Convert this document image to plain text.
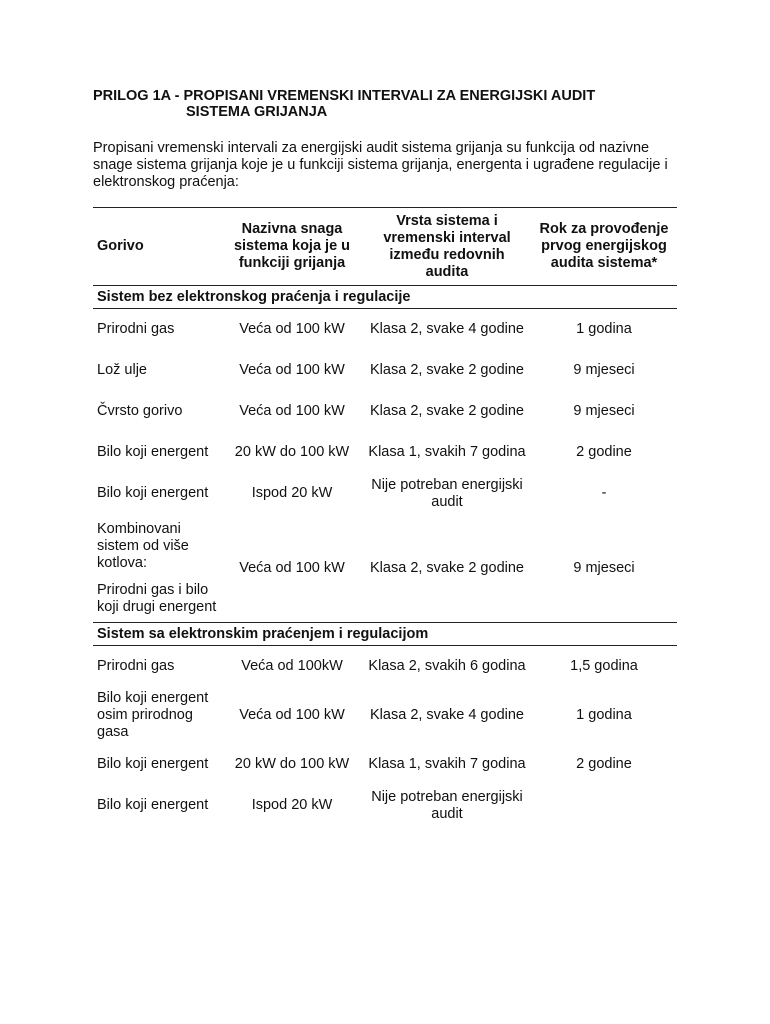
PRILOG 1A - PROPISANI VREMENSKI INTERVALI ZA ENERGIJSKI AUDIT
SISTEMA GRIJANJA

Propisani vremenski intervali za energijski audit sistema grijanja su funkcija od nazivne snage sistema grijanja koje je u funkciji sistema grijanja, energenta i ugrađene regulacije i elektronskog praćenja:

Gorivo	Nazivna snaga sistema koja je u funkciji grijanja	Vrsta sistema i vremenski interval između redovnih audita	Rok za provođenje prvog energijskog audita sistema*
Sistem bez elektronskog praćenja i regulacije			
Prirodni gas	Veća od 100 kW	Klasa 2, svake 4 godine	1 godina
Lož ulje	Veća od 100 kW	Klasa 2, svake 2 godine	9 mjeseci
Čvrsto gorivo	Veća od 100 kW	Klasa 2, svake 2 godine	9 mjeseci
Bilo koji energent	20 kW do 100 kW	Klasa 1, svakih 7 godina	2 godine
Bilo koji energent	Ispod 20 kW	Nije potreban energijski audit	-

Kombinovani sistem od više kotlova:
Prirodni gas i bilo koji drugi energent	Veća od 100 kW	Klasa 2, svake 2 godine	9 mjeseci
Sistem sa elektronskim praćenjem i regulacijom			
Prirodni gas	Veća od 100kW	Klasa 2, svakih 6 godina	1,5 godina
Bilo koji energent osim prirodnog gasa	Veća od 100 kW	Klasa 2, svake 4 godine	1 godina
Bilo koji energent	20 kW do 100 kW	Klasa 1, svakih 7 godina	2 godine
Bilo koji energent	Ispod 20 kW	Nije potreban energijski audit	
